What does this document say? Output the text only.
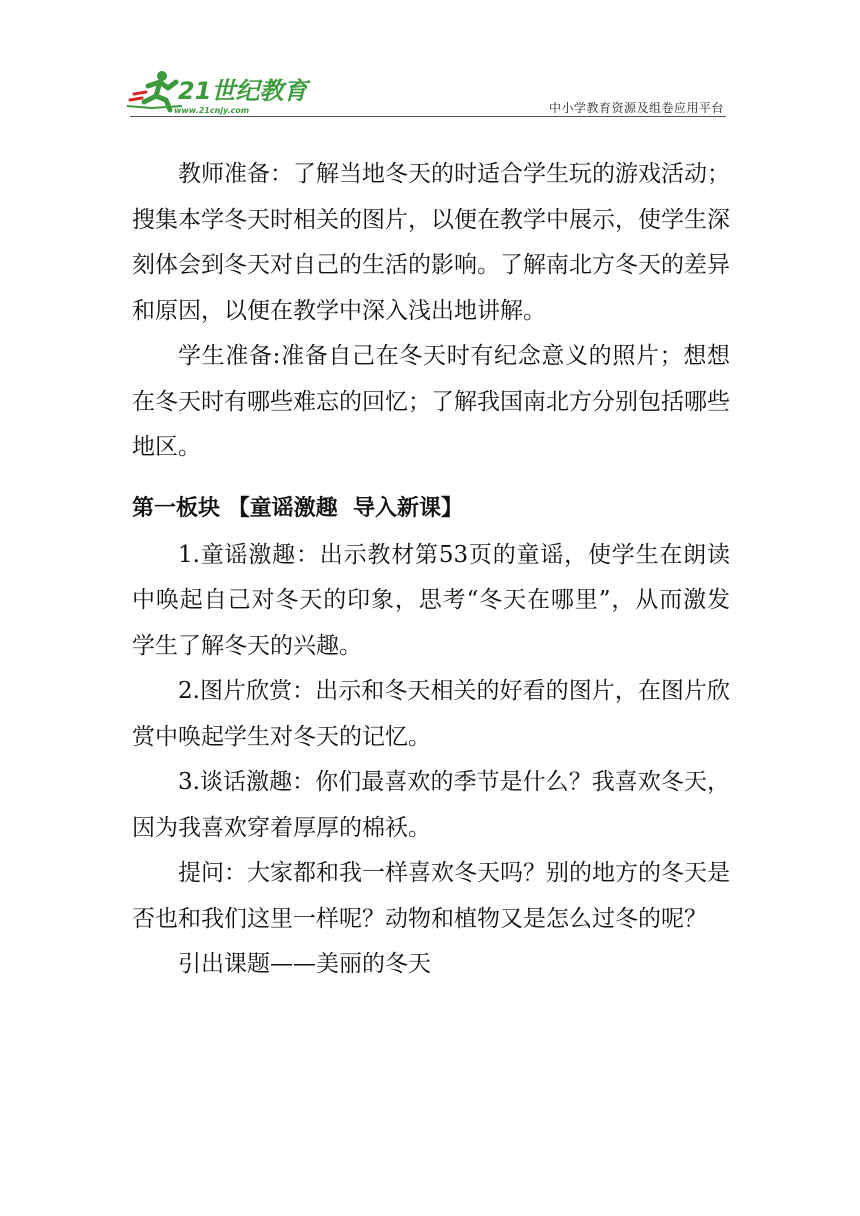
21世纪教育
www.21cnjy.com	中小学教育资源及组卷应用平台

教师准备：了解当地冬天的时适合学生玩的游戏活动；搜集本学冬天时相关的图片，以便在教学中展示，使学生深刻体会到冬天对自己的生活的影响。了解南北方冬天的差异和原因，以便在教学中深入浅出地讲解。

学生准备:准备自己在冬天时有纪念意义的照片；想想在冬天时有哪些难忘的回忆；了解我国南北方分别包括哪些地区。

第一板块 【童谣激趣  导入新课】

1.童谣激趣：出示教材第53页的童谣，使学生在朗读中唤起自己对冬天的印象，思考“冬天在哪里”，从而激发学生了解冬天的兴趣。

2.图片欣赏：出示和冬天相关的好看的图片，在图片欣赏中唤起学生对冬天的记忆。

3.谈话激趣：你们最喜欢的季节是什么？我喜欢冬天，因为我喜欢穿着厚厚的棉袄。

提问：大家都和我一样喜欢冬天吗？别的地方的冬天是否也和我们这里一样呢？动物和植物又是怎么过冬的呢？

引出课题——美丽的冬天
